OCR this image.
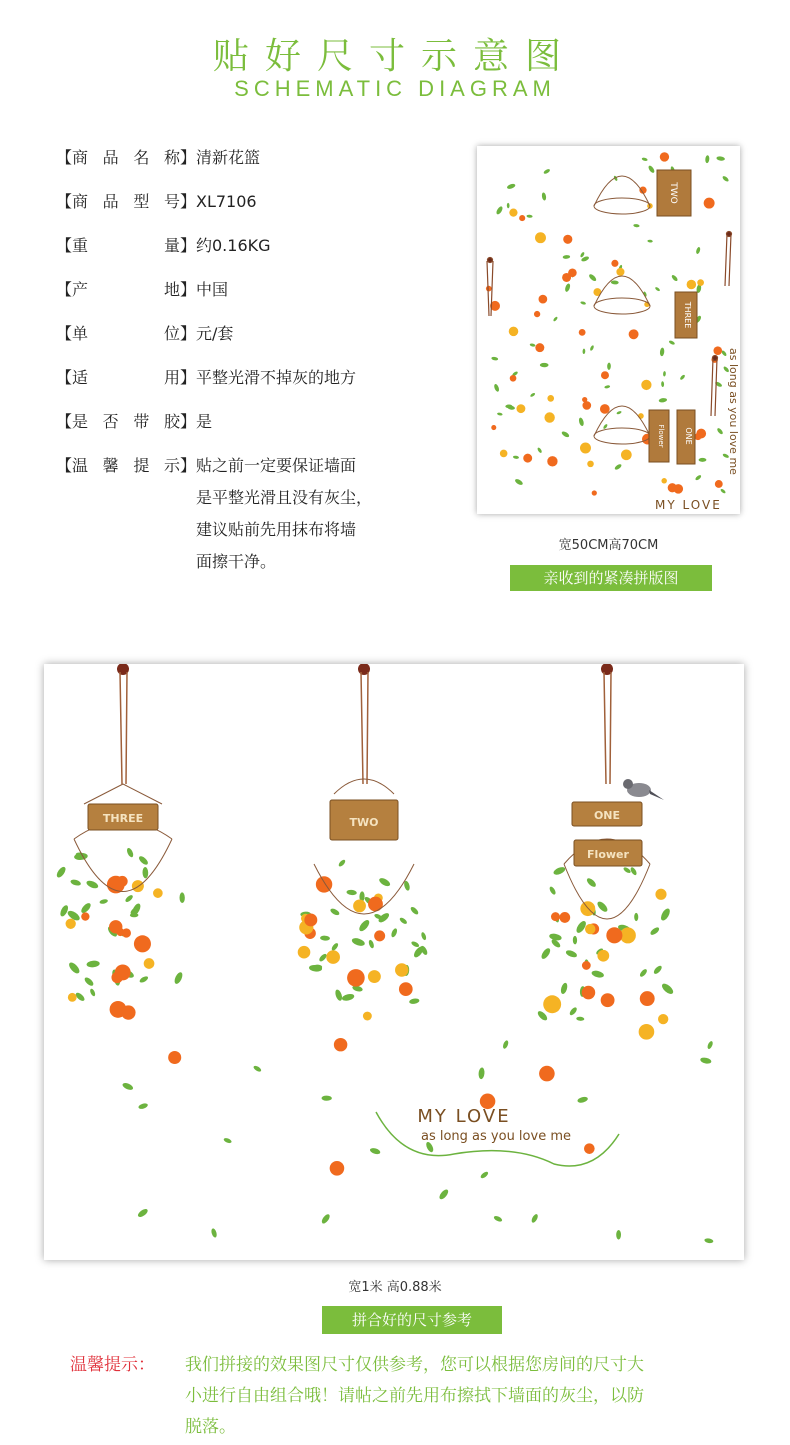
贴好尺寸示意图
SCHEMATIC DIAGRAM
【商 品 名 称】 清新花篮
【商 品 型 号】 XL7106
【重	量】 约0.16KG
【产	地】 中国
【单	位】 元/套
【适	用】 平整光滑不掉灰的地方
【是 否 带 胶】 是
【温 馨 提 示】 贴之前一定要保证墙面
是平整光滑且没有灰尘，
建议贴前先用抹布将墙
面擦干净。
TWO
THREE
ONE
Flower	as long as you love me
MY LOVE
宽50CM高70CM
亲收到的紧凑拼版图
THREE	TWO
ONE
Flower
MY LOVE
as long as you love me
宽1米 高0.88米
拼合好的尺寸参考
温馨提示： 我们拼接的效果图尺寸仅供参考，您可以根据您房间的尺寸大
小进行自由组合哦！请帖之前先用布擦拭下墙面的灰尘，以防
脱落。
